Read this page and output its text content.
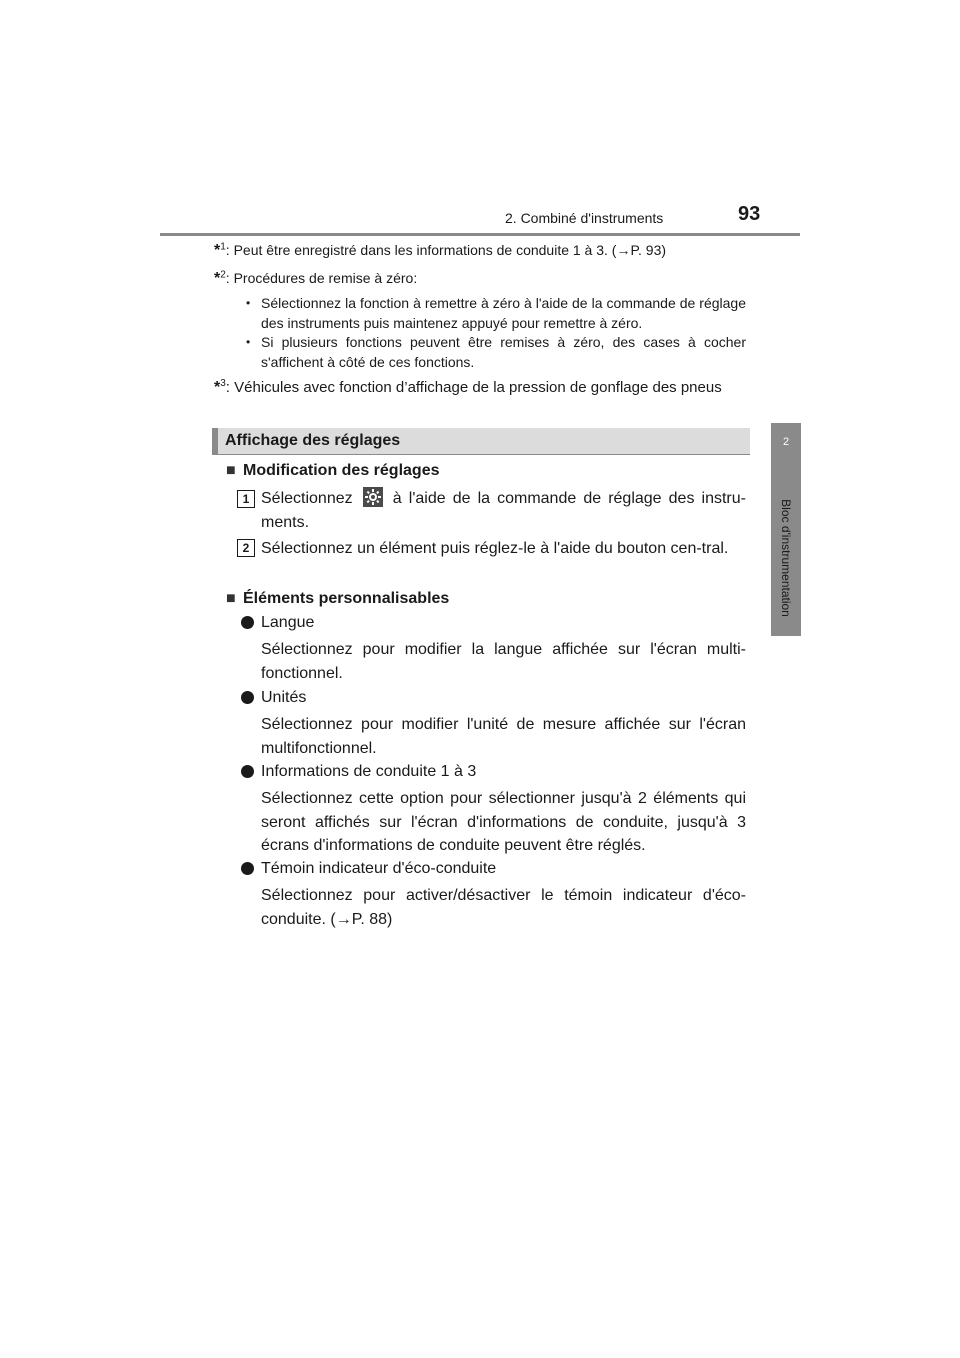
2. Combiné d'instruments	93
2
Bloc d'instrumentation
*$^1$: Peut être enregistré dans les informations de conduite 1 à 3. (→P. 93)
*$^2$: Procédures de remise à zéro:
• Sélectionnez la fonction à remettre à zéro à l'aide de la commande de réglage des instruments puis maintenez appuyé pour remettre à zéro.
• Si plusieurs fonctions peuvent être remises à zéro, des cases à cocher s'affichent à côté de ces fonctions.
*$^3$: Véhicules avec fonction d’affichage de la pression de gonflage des pneus
Affichage des réglages
■ Modification des réglages
1 Sélectionnez	à l'aide de la commande de réglage des instru-ments.
2 Sélectionnez un élément puis réglez-le à l'aide du bouton cen-tral.
■ Éléments personnalisables
Langue
Sélectionnez pour modifier la langue affichée sur l'écran multi-fonctionnel.
Unités
Sélectionnez pour modifier l'unité de mesure affichée sur l'écran multifonctionnel.
Informations de conduite 1 à 3
Sélectionnez cette option pour sélectionner jusqu'à 2 éléments qui seront affichés sur l'écran d'informations de conduite, jusqu'à 3 écrans d'informations de conduite peuvent être réglés.
Témoin indicateur d'éco-conduite
Sélectionnez pour activer/désactiver le témoin indicateur d'éco-conduite. (→P. 88)
